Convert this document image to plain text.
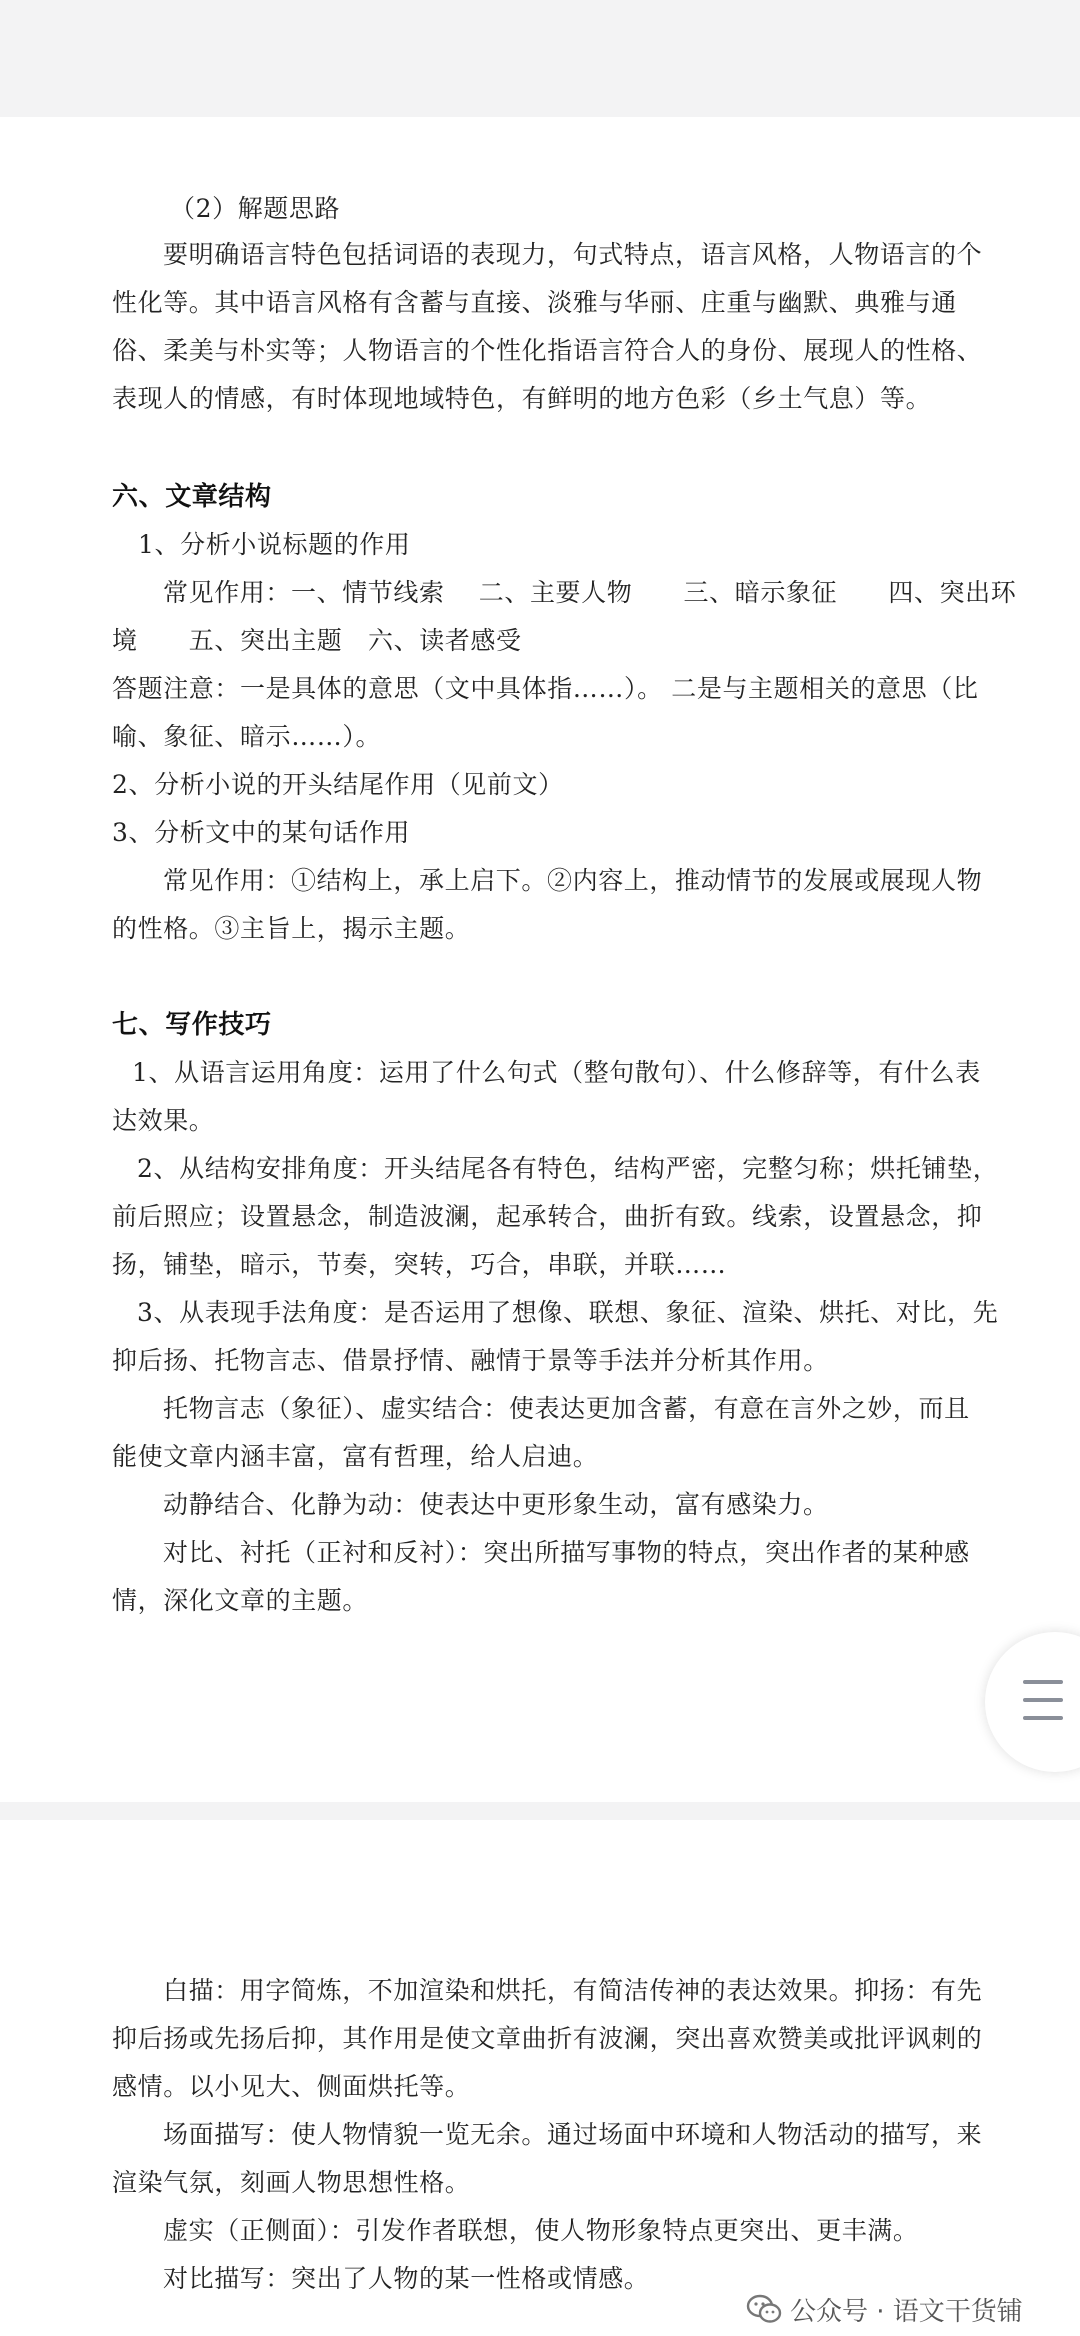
（2）解题思路
要明确语言特色包括词语的表现力，句式特点，语言风格，人物语言的个
性化等。其中语言风格有含蓄与直接、淡雅与华丽、庄重与幽默、典雅与通
俗、柔美与朴实等；人物语言的个性化指语言符合人的身份、展现人的性格、
表现人的情感，有时体现地域特色，有鲜明的地方色彩（乡土气息）等。
六、文章结构
1、分析小说标题的作用
常见作用：一、情节线索　 二、主要人物　　三、暗示象征　　四、突出环
境　　五、突出主题　六、读者感受
答题注意：一是具体的意思（文中具体指……）。 二是与主题相关的意思（比
喻、象征、暗示……）。
2、分析小说的开头结尾作用（见前文）
3、分析文中的某句话作用
常见作用：①结构上，承上启下。②内容上，推动情节的发展或展现人物
的性格。③主旨上，揭示主题。
七、写作技巧
1、从语言运用角度：运用了什么句式（整句散句）、什么修辞等，有什么表
达效果。
2、从结构安排角度：开头结尾各有特色，结构严密，完整匀称；烘托铺垫，
前后照应；设置悬念，制造波澜，起承转合，曲折有致。线索，设置悬念，抑
扬，铺垫，暗示，节奏，突转，巧合，串联，并联……
3、从表现手法角度：是否运用了想像、联想、象征、渲染、烘托、对比，先
抑后扬、托物言志、借景抒情、融情于景等手法并分析其作用。
托物言志（象征）、虚实结合：使表达更加含蓄，有意在言外之妙，而且
能使文章内涵丰富，富有哲理，给人启迪。
动静结合、化静为动：使表达中更形象生动，富有感染力。
对比、衬托（正衬和反衬）：突出所描写事物的特点，突出作者的某种感
情，深化文章的主题。
白描：用字简炼，不加渲染和烘托，有简洁传神的表达效果。抑扬：有先
抑后扬或先扬后抑，其作用是使文章曲折有波澜，突出喜欢赞美或批评讽刺的
感情。以小见大、侧面烘托等。
场面描写：使人物情貌一览无余。通过场面中环境和人物活动的描写，来
渲染气氛，刻画人物思想性格。
虚实（正侧面）：引发作者联想，使人物形象特点更突出、更丰满。
对比描写：突出了人物的某一性格或情感。
公众号 · 语文干货铺
